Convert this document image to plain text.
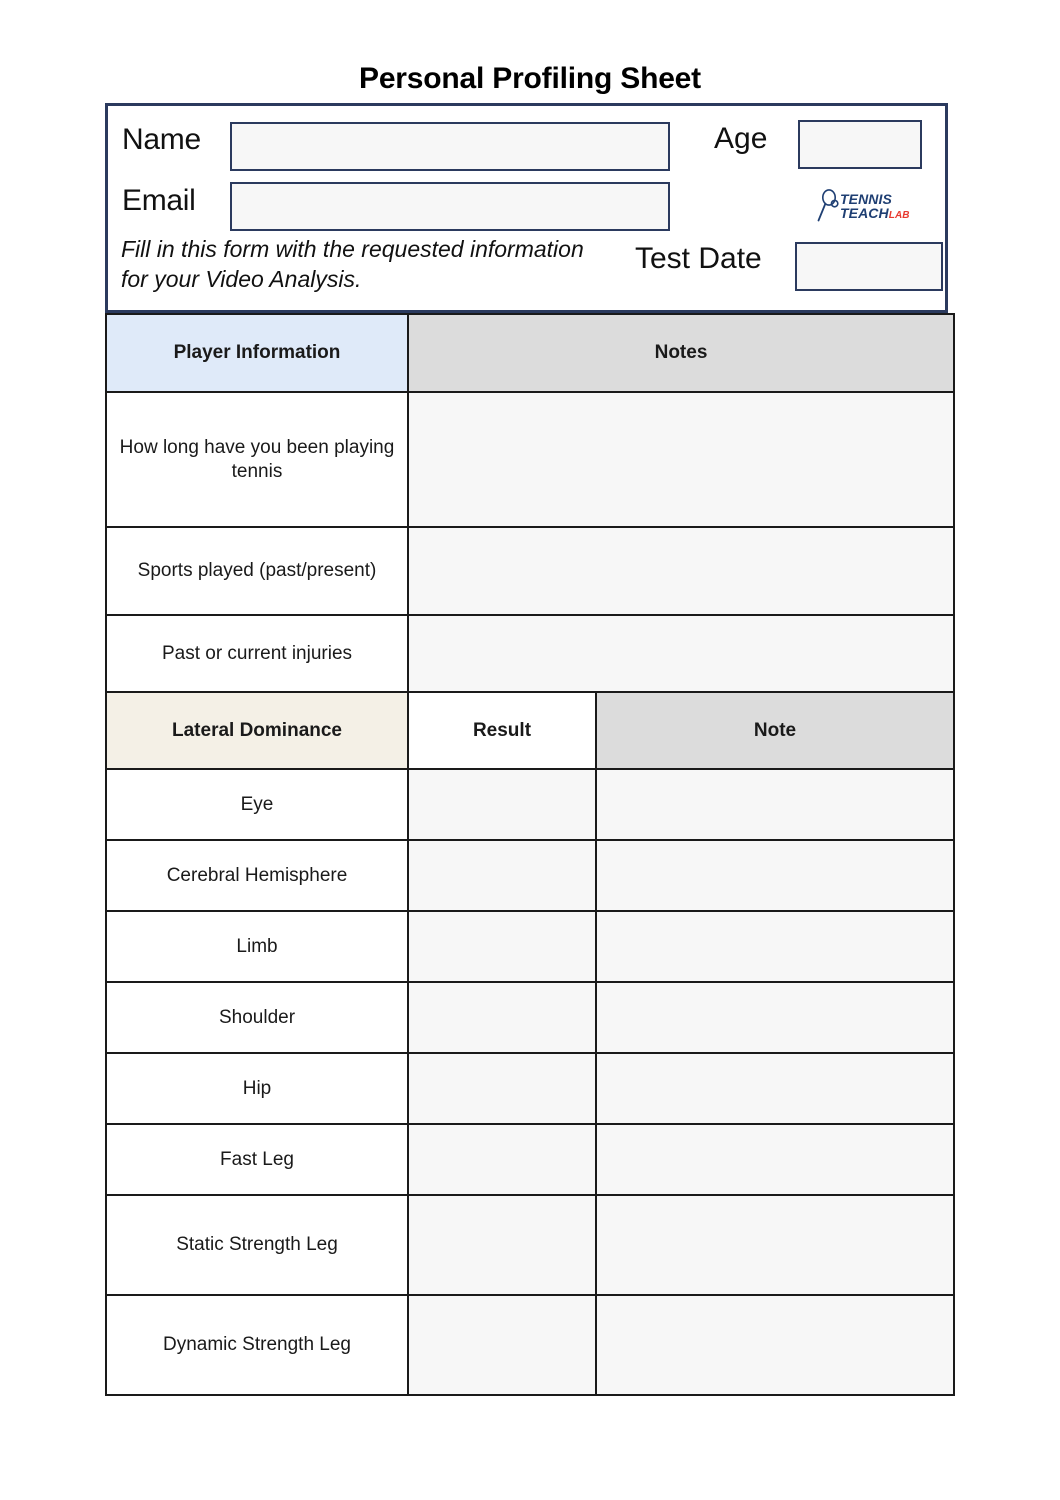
Personal Profiling Sheet
Name
Email
Age
Test Date
Fill in this form with the requested information for your Video Analysis.
TENNIS
TEACHLAB
Player Information	Notes	
How long have you been playing tennis		
Sports played (past/present)		
Past or current injuries		
Lateral Dominance	Result	Note
Eye		
Cerebral Hemisphere		
Limb		
Shoulder		
Hip		
Fast Leg		
Static Strength Leg		
Dynamic Strength Leg		
